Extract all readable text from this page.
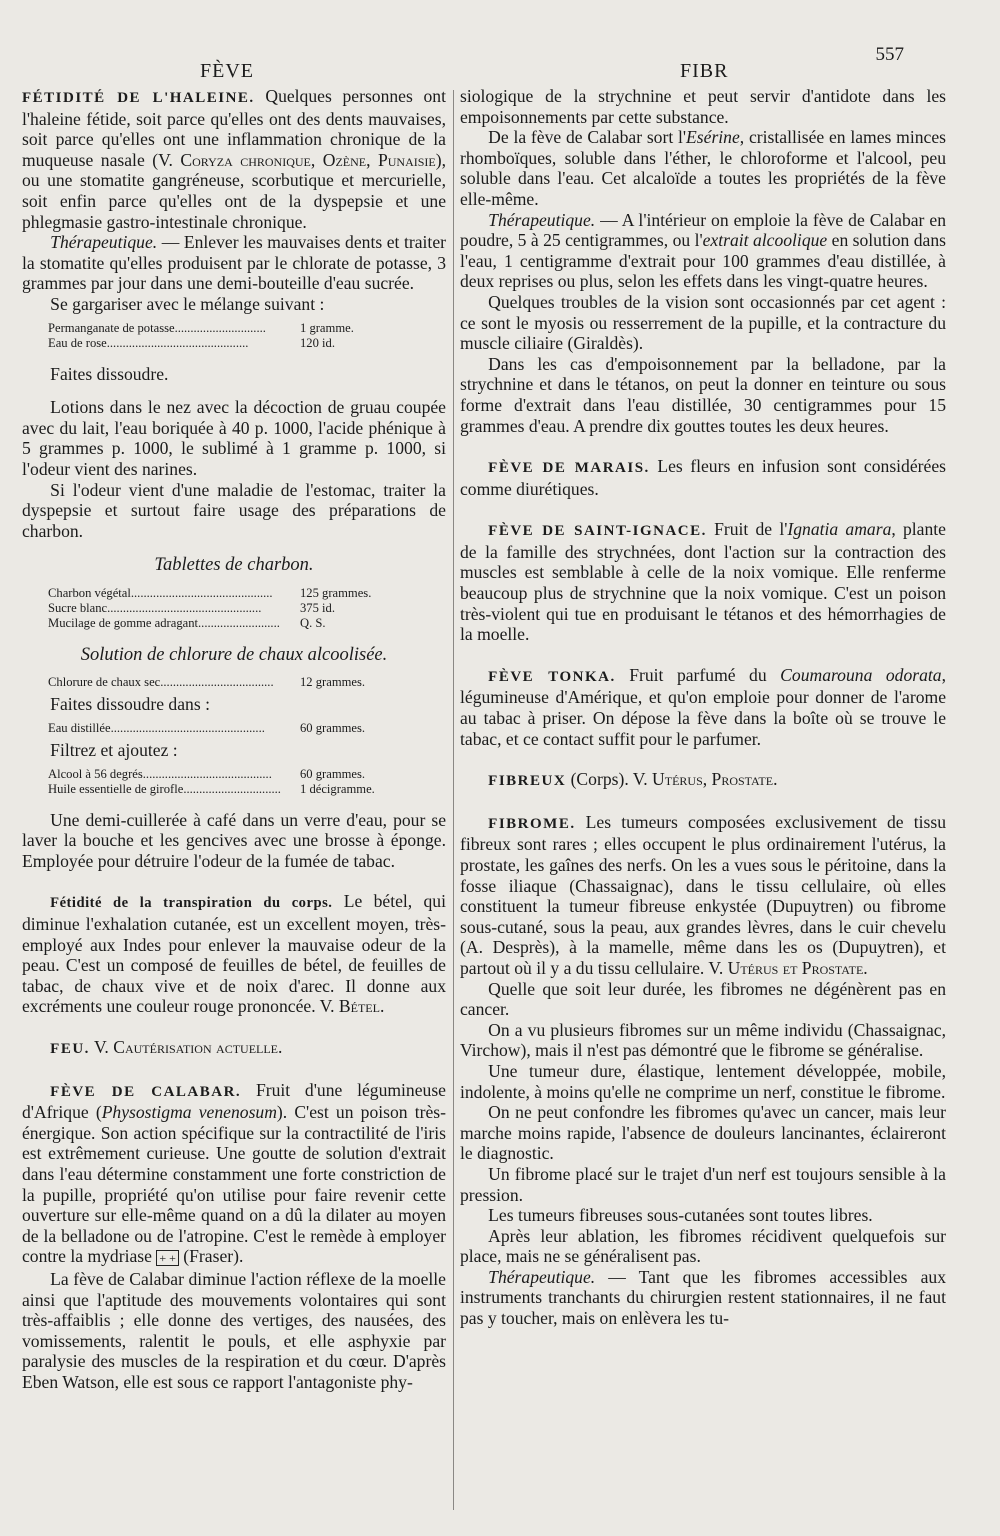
FÈVE	FIBR
557

FÉTIDITÉ DE L'HALEINE. Quelques personnes ont l'haleine fétide, soit parce qu'elles ont des dents mauvaises, soit parce qu'elles ont une inflammation chronique de la muqueuse nasale (V. Coryza chronique, Ozène, Punaisie), ou une stomatite gangréneuse, scorbutique et mercurielle, soit enfin parce qu'elles ont de la dyspepsie et une phlegmasie gastro-intestinale chronique.

Thérapeutique. — Enlever les mauvaises dents et traiter la stomatite qu'elles produisent par le chlorate de potasse, 3 grammes par jour dans une demi-bouteille d'eau sucrée.

Se gargariser avec le mélange suivant :

Permanganate de potasse.............................	1 gramme.
Eau de rose.............................................	120 id.

Faites dissoudre.

Lotions dans le nez avec la décoction de gruau coupée avec du lait, l'eau boriquée à 40 p. 1000, l'acide phénique à 5 grammes p. 1000, le sublimé à 1 gramme p. 1000, si l'odeur vient des narines.

Si l'odeur vient d'une maladie de l'estomac, traiter la dyspepsie et surtout faire usage des préparations de charbon.

Tablettes de charbon.
Charbon végétal.............................................	125 grammes.
Sucre blanc.................................................	375 id.
Mucilage de gomme adragant..........................	Q. S.
Solution de chlorure de chaux alcoolisée.
Chlorure de chaux sec....................................	12 grammes.

Faites dissoudre dans :

Eau distillée.................................................	60 grammes.

Filtrez et ajoutez :

Alcool à 56 degrés.........................................	60 grammes.
Huile essentielle de girofle...............................	1 décigramme.

Une demi-cuillerée à café dans un verre d'eau, pour se laver la bouche et les gencives avec une brosse à éponge. Employée pour détruire l'odeur de la fumée de tabac.

Fétidité de la transpiration du corps. Le bétel, qui diminue l'exhalation cutanée, est un excellent moyen, très-employé aux Indes pour enlever la mauvaise odeur de la peau. C'est un composé de feuilles de bétel, de feuilles de tabac, de chaux vive et de noix d'arec. Il donne aux excréments une couleur rouge prononcée. V. Bétel.

FEU. V. Cautérisation actuelle.

FÈVE DE CALABAR. Fruit d'une légumineuse d'Afrique (Physostigma venenosum). C'est un poison très-énergique. Son action spécifique sur la contractilité de l'iris est extrêmement curieuse. Une goutte de solution d'extrait dans l'eau détermine constamment une forte constriction de la pupille, propriété qu'on utilise pour faire revenir cette ouverture sur elle-même quand on a dû la dilater au moyen de la belladone ou de l'atropine. C'est le remède à employer contre la mydriase + + (Fraser).

La fève de Calabar diminue l'action réflexe de la moelle ainsi que l'aptitude des mouvements volontaires qui sont très-affaiblis ; elle donne des vertiges, des nausées, des vomissements, ralentit le pouls, et elle asphyxie par paralysie des muscles de la respiration et du cœur. D'après Eben Watson, elle est sous ce rapport l'antagoniste phy-

siologique de la strychnine et peut servir d'antidote dans les empoisonnements par cette substance.

De la fève de Calabar sort l'Esérine, cristallisée en lames minces rhomboïques, soluble dans l'éther, le chloroforme et l'alcool, peu soluble dans l'eau. Cet alcaloïde a toutes les propriétés de la fève elle-même.

Thérapeutique. — A l'intérieur on emploie la fève de Calabar en poudre, 5 à 25 centigrammes, ou l'extrait alcoolique en solution dans l'eau, 1 centigramme d'extrait pour 100 grammes d'eau distillée, à deux reprises ou plus, selon les effets dans les vingt-quatre heures.

Quelques troubles de la vision sont occasionnés par cet agent : ce sont le myosis ou resserrement de la pupille, et la contracture du muscle ciliaire (Giraldès).

Dans les cas d'empoisonnement par la belladone, par la strychnine et dans le tétanos, on peut la donner en teinture ou sous forme d'extrait dans l'eau distillée, 30 centigrammes pour 15 grammes d'eau. A prendre dix gouttes toutes les deux heures.

FÈVE DE MARAIS. Les fleurs en infusion sont considérées comme diurétiques.

FÈVE DE SAINT-IGNACE. Fruit de l'Ignatia amara, plante de la famille des strychnées, dont l'action sur la contraction des muscles est semblable à celle de la noix vomique. Elle renferme beaucoup plus de strychnine que la noix vomique. C'est un poison très-violent qui tue en produisant le tétanos et des hémorrhagies de la moelle.

FÈVE TONKA. Fruit parfumé du Coumarouna odorata, légumineuse d'Amérique, et qu'on emploie pour donner de l'arome au tabac à priser. On dépose la fève dans la boîte où se trouve le tabac, et ce contact suffit pour le parfumer.

FIBREUX (Corps). V. Utérus, Prostate.

FIBROME. Les tumeurs composées exclusivement de tissu fibreux sont rares ; elles occupent le plus ordinairement l'utérus, la prostate, les gaînes des nerfs. On les a vues sous le péritoine, dans la fosse iliaque (Chassaignac), dans le tissu cellulaire, où elles constituent la tumeur fibreuse enkystée (Dupuytren) ou fibrome sous-cutané, sous la peau, aux grandes lèvres, dans le cuir chevelu (A. Desprès), à la mamelle, même dans les os (Dupuytren), et partout où il y a du tissu cellulaire. V. Utérus et Prostate.

Quelle que soit leur durée, les fibromes ne dégénèrent pas en cancer.

On a vu plusieurs fibromes sur un même individu (Chassaignac, Virchow), mais il n'est pas démontré que le fibrome se généralise.

Une tumeur dure, élastique, lentement développée, mobile, indolente, à moins qu'elle ne comprime un nerf, constitue le fibrome.

On ne peut confondre les fibromes qu'avec un cancer, mais leur marche moins rapide, l'absence de douleurs lancinantes, éclaireront le diagnostic.

Un fibrome placé sur le trajet d'un nerf est toujours sensible à la pression.

Les tumeurs fibreuses sous-cutanées sont toutes libres.

Après leur ablation, les fibromes récidivent quelquefois sur place, mais ne se généralisent pas.

Thérapeutique. — Tant que les fibromes accessibles aux instruments tranchants du chirurgien restent stationnaires, il ne faut pas y toucher, mais on enlèvera les tu-
